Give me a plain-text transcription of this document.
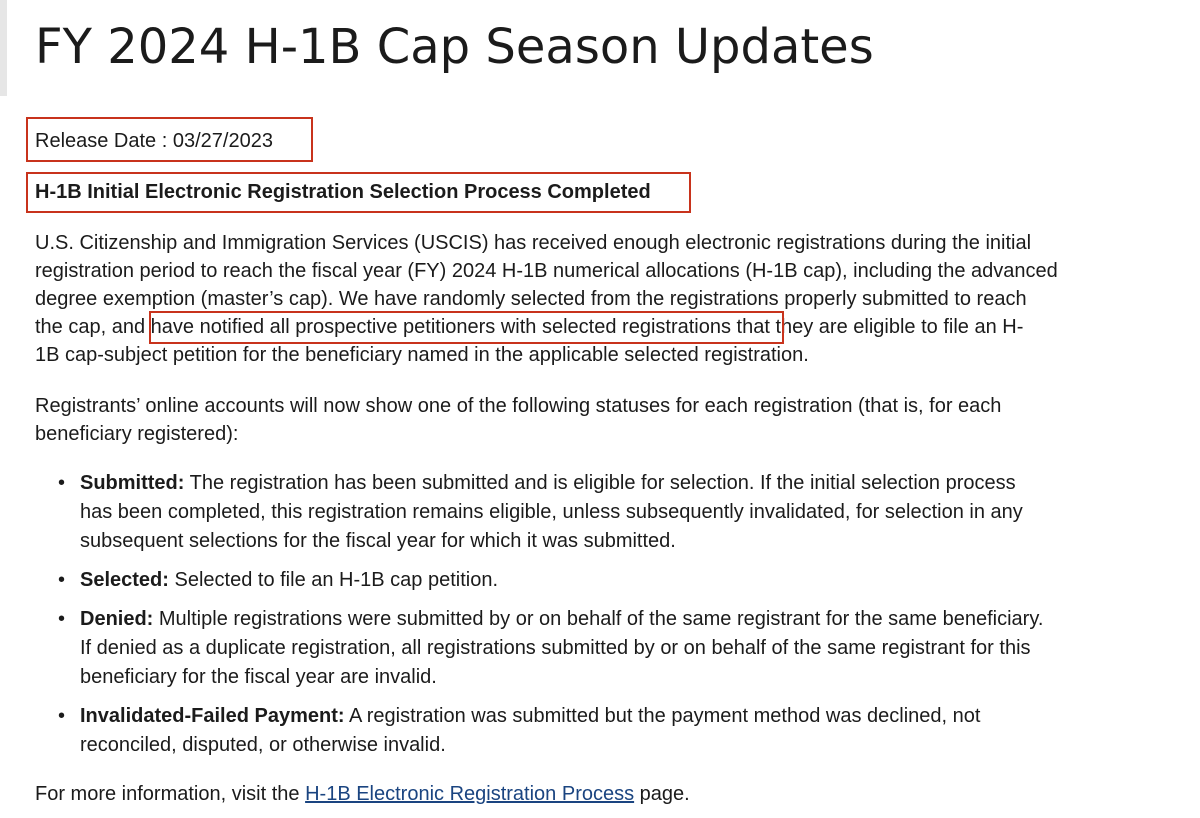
FY 2024 H-1B Cap Season Updates
Release Date : 03/27/2023
H-1B Initial Electronic Registration Selection Process Completed

U.S. Citizenship and Immigration Services (USCIS) has received enough electronic registrations during the initial
registration period to reach the fiscal year (FY) 2024 H-1B numerical allocations (H-1B cap), including the advanced
degree exemption (master’s cap). We have randomly selected from the registrations properly submitted to reach
the cap, and have notified all prospective petitioners with selected registrations that they are eligible to file an H-
1B cap-subject petition for the beneficiary named in the applicable selected registration.

Registrants’ online accounts will now show one of the following statuses for each registration (that is, for each
beneficiary registered):

• Submitted: The registration has been submitted and is eligible for selection. If the initial selection process
has been completed, this registration remains eligible, unless subsequently invalidated, for selection in any
subsequent selections for the fiscal year for which it was submitted.
• Selected: Selected to file an H-1B cap petition.
• Denied: Multiple registrations were submitted by or on behalf of the same registrant for the same beneficiary.
If denied as a duplicate registration, all registrations submitted by or on behalf of the same registrant for this
beneficiary for the fiscal year are invalid.
• Invalidated-Failed Payment: A registration was submitted but the payment method was declined, not
reconciled, disputed, or otherwise invalid.

For more information, visit the H-1B Electronic Registration Process page.
